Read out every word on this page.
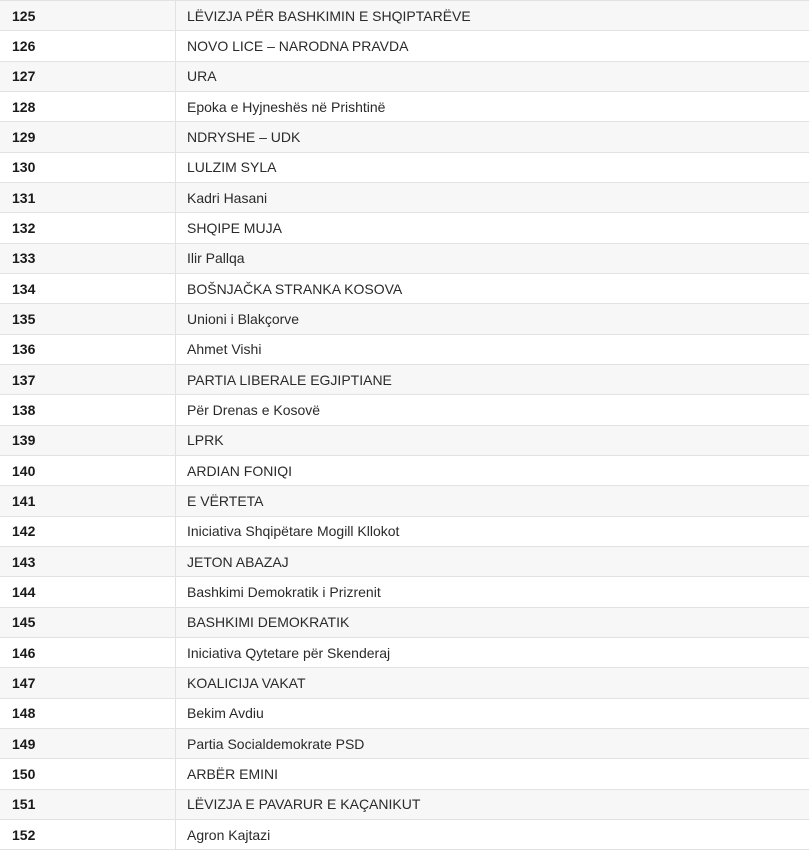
125	LËVIZJA PËR BASHKIMIN E SHQIPTARËVE
126	NOVO LICE – NARODNA PRAVDA
127	URA
128	Epoka e Hyjneshës në Prishtinë
129	NDRYSHE – UDK
130	LULZIM SYLA
131	Kadri Hasani
132	SHQIPE MUJA
133	Ilir Pallqa
134	BOŠNJAČKA STRANKA KOSOVA
135	Unioni i Blakçorve
136	Ahmet Vishi
137	PARTIA LIBERALE EGJIPTIANE
138	Për Drenas e Kosovë
139	LPRK
140	ARDIAN FONIQI
141	E VËRTETA
142	Iniciativa Shqipëtare Mogill Kllokot
143	JETON ABAZAJ
144	Bashkimi Demokratik i Prizrenit
145	BASHKIMI DEMOKRATIK
146	Iniciativa Qytetare për Skenderaj
147	KOALICIJA VAKAT
148	Bekim Avdiu
149	Partia Socialdemokrate PSD
150	ARBËR EMINI
151	LËVIZJA E PAVARUR E KAÇANIKUT
152	Agron Kajtazi
